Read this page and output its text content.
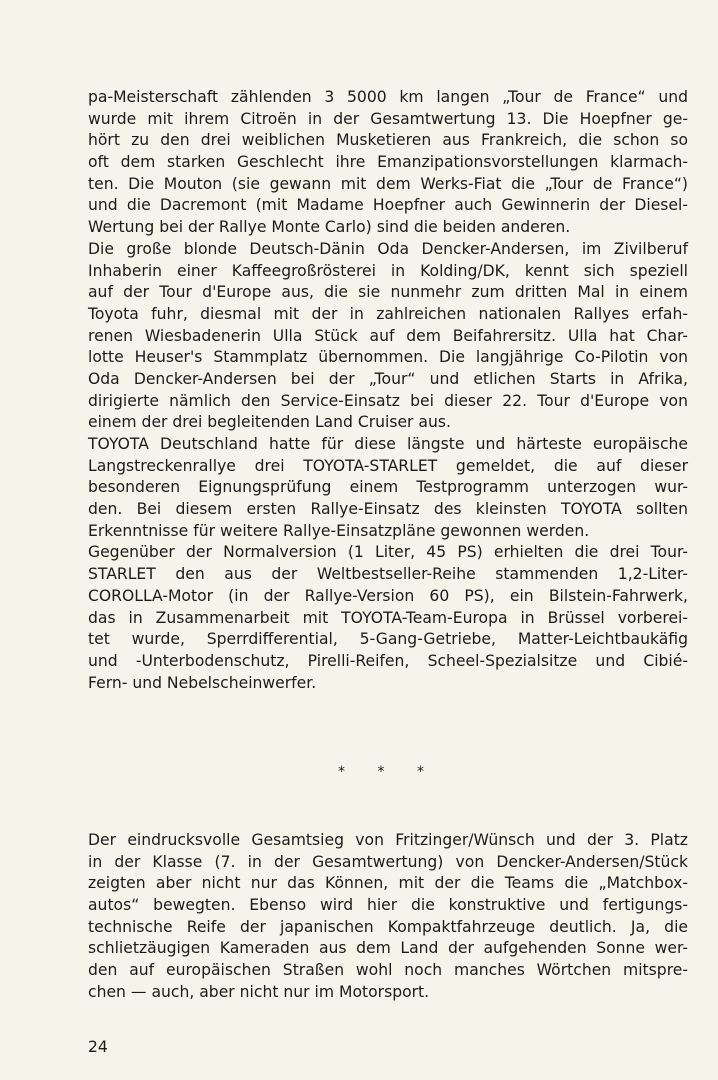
pa-Meisterschaft zählenden 3 5000 km langen „Tour de France“ und
wurde mit ihrem Citroën in der Gesamtwertung 13. Die Hoepfner ge-
hört zu den drei weiblichen Musketieren aus Frankreich, die schon so
oft dem starken Geschlecht ihre Emanzipationsvorstellungen klarmach-
ten. Die Mouton (sie gewann mit dem Werks-Fiat die „Tour de France“)
und die Dacremont (mit Madame Hoepfner auch Gewinnerin der Diesel-
Wertung bei der Rallye Monte Carlo) sind die beiden anderen.
Die große blonde Deutsch-Dänin Oda Dencker-Andersen, im Zivilberuf
Inhaberin einer Kaffeegroßrösterei in Kolding/DK, kennt sich speziell
auf der Tour d'Europe aus, die sie nunmehr zum dritten Mal in einem
Toyota fuhr, diesmal mit der in zahlreichen nationalen Rallyes erfah-
renen Wiesbadenerin Ulla Stück auf dem Beifahrersitz. Ulla hat Char-
lotte Heuser's Stammplatz übernommen. Die langjährige Co-Pilotin von
Oda Dencker-Andersen bei der „Tour“ und etlichen Starts in Afrika,
dirigierte nämlich den Service-Einsatz bei dieser 22. Tour d'Europe von
einem der drei begleitenden Land Cruiser aus.
TOYOTA Deutschland hatte für diese längste und härteste europäische
Langstreckenrallye drei TOYOTA-STARLET gemeldet, die auf dieser
besonderen Eignungsprüfung einem Testprogramm unterzogen wur-
den. Bei diesem ersten Rallye-Einsatz des kleinsten TOYOTA sollten
Erkenntnisse für weitere Rallye-Einsatzpläne gewonnen werden.
Gegenüber der Normalversion (1 Liter, 45 PS) erhielten die drei Tour-
STARLET den aus der Weltbestseller-Reihe stammenden 1,2-Liter-
COROLLA-Motor (in der Rallye-Version 60 PS), ein Bilstein-Fahrwerk,
das in Zusammenarbeit mit TOYOTA-Team-Europa in Brüssel vorberei-
tet wurde, Sperrdifferential, 5-Gang-Getriebe, Matter-Leichtbaukäfig
und -Unterbodenschutz, Pirelli-Reifen, Scheel-Spezialsitze und Cibié-
Fern- und Nebelscheinwerfer.
* * *
Der eindrucksvolle Gesamtsieg von Fritzinger/Wünsch und der 3. Platz
in der Klasse (7. in der Gesamtwertung) von Dencker-Andersen/Stück
zeigten aber nicht nur das Können, mit der die Teams die „Matchbox-
autos“ bewegten. Ebenso wird hier die konstruktive und fertigungs-
technische Reife der japanischen Kompaktfahrzeuge deutlich. Ja, die
schlietzäugigen Kameraden aus dem Land der aufgehenden Sonne wer-
den auf europäischen Straßen wohl noch manches Wörtchen mitspre-
chen — auch, aber nicht nur im Motorsport.
24
